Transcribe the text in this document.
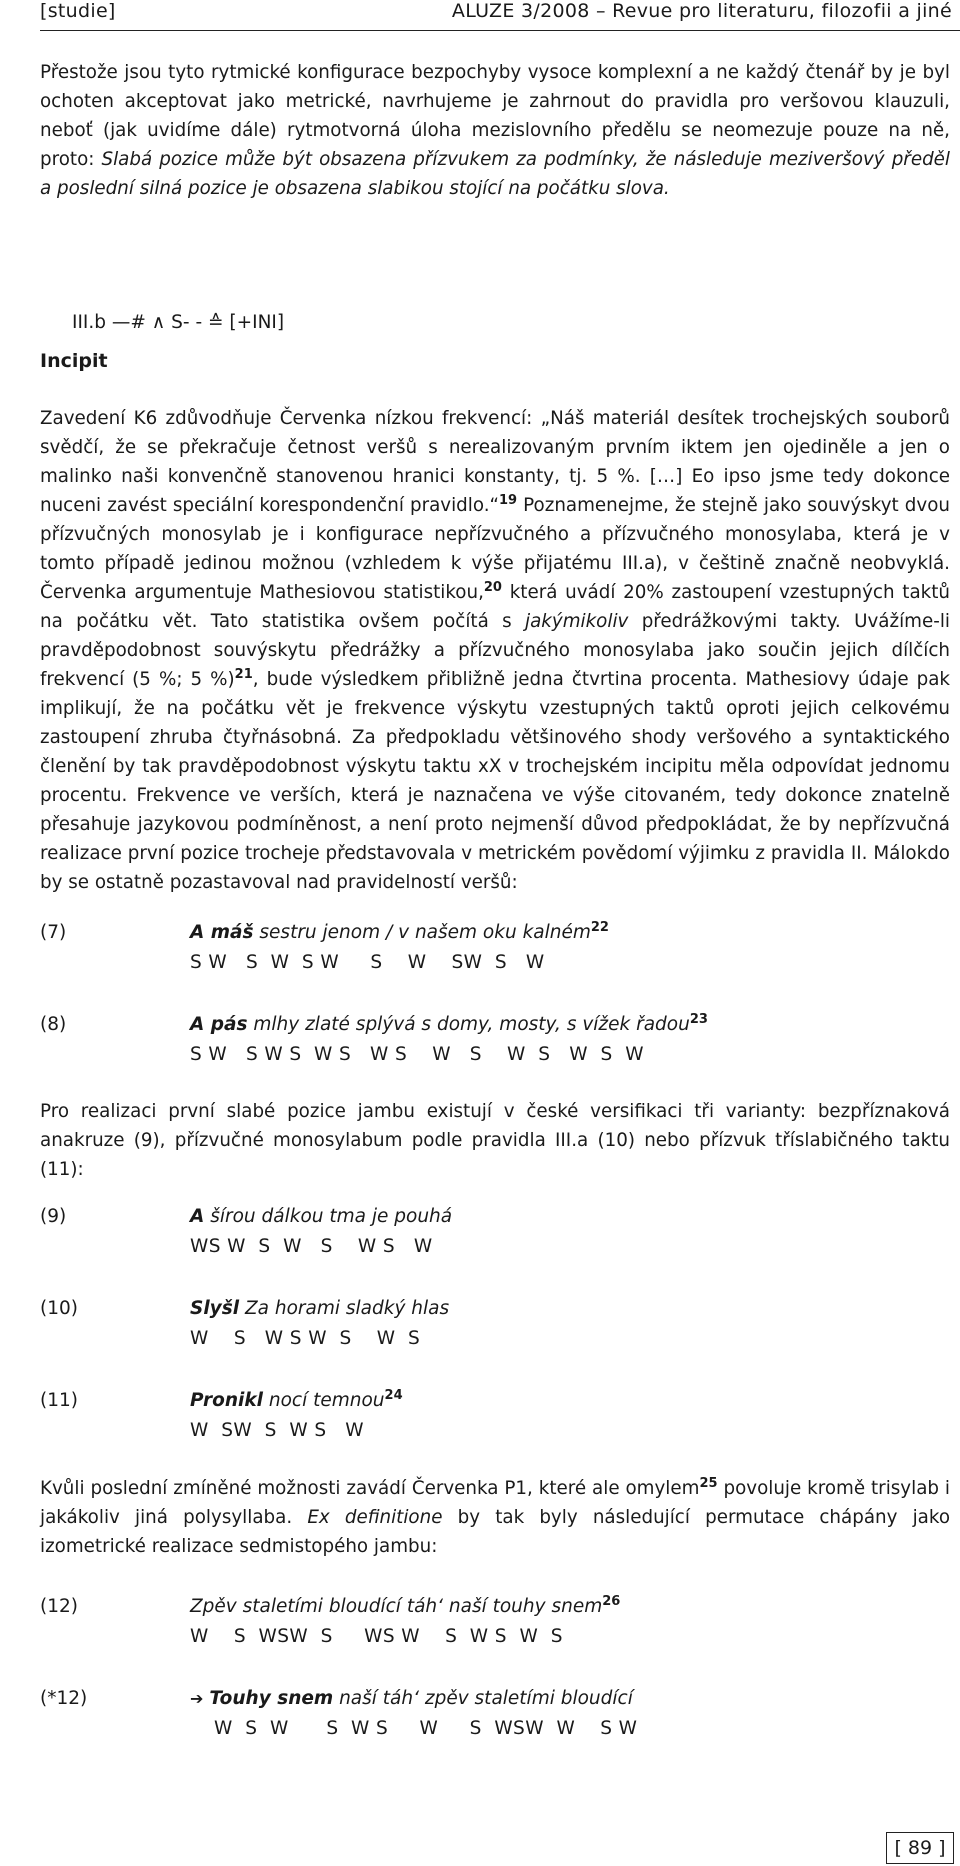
[studie]	ALUZE 3/2008 – Revue pro literaturu, filozofii a jiné
Přestože jsou tyto rytmické konfigurace bezpochyby vysoce komplexní a ne každý čtenář by je byl ochoten akceptovat jako metrické, navrhujeme je zahrnout do pravidla pro veršovou klauzuli, neboť (jak uvidíme dále) rytmotvorná úloha mezislovního předělu se neomezuje pouze na ně, proto: Slabá pozice může být obsazena přízvukem za podmínky, že následuje meziveršový předěl a poslední silná pozice je obsazena slabikou stojící na počátku slova.
III.b —# ∧ S- - ≙ [+INI]
Incipit
Zavedení K6 zdůvodňuje Červenka nízkou frekvencí: „Náš materiál desítek trochejských souborů svědčí, že se překračuje četnost veršů s nerealizovaným prvním iktem jen ojediněle a jen o malinko naši konvenčně stanovenou hranici konstanty, tj. 5 %. […] Eo ipso jsme tedy dokonce nuceni zavést speciální korespondenční pravidlo.“$^{19}$ Poznamenejme, že stejně jako souvýskyt dvou přízvučných monosylab je i konfigurace nepřízvučného a přízvučného monosylaba, která je v tomto případě jedinou možnou (vzhledem k výše přijatému III.a), v češtině značně neobvyklá. Červenka argumentuje Mathesiovou statistikou,$^{20}$ která uvádí 20% zastoupení vzestupných taktů na počátku vět. Tato statistika ovšem počítá s jakýmikoliv předrážkovými takty. Uvážíme-li pravděpodobnost souvýskytu předrážky a přízvučného monosylaba jako součin jejich dílčích frekvencí (5 %; 5 %)$^{21}$, bude výsledkem přibližně jedna čtvrtina procenta. Mathesiovy údaje pak implikují, že na počátku vět je frekvence výskytu vzestupných taktů oproti jejich celkovému zastoupení zhruba čtyřnásobná. Za předpokladu většinového shody veršového a syntaktického členění by tak pravděpodobnost výskytu taktu xX v trochejském incipitu měla odpovídat jednomu procentu. Frekvence ve verších, která je naznačena ve výše citovaném, tedy dokonce znatelně přesahuje jazykovou podmíněnost, a není proto nejmenší důvod předpokládat, že by nepřízvučná realizace první pozice trocheje představovala v metrickém povědomí výjimku z pravidla II. Málokdo by se ostatně pozastavoval nad pravidelností veršů:
(7)	A máš sestru jenom / v našem oku kalném$^{22}$
S W   S  W  S W     S    W    SW  S   W
(8)	A pás mlhy zlaté splývá s domy, mosty, s vížek řadou$^{23}$
S W   S W S  W S   W S    W   S    W  S   W  S  W
Pro realizaci první slabé pozice jambu existují v české versifikaci tři varianty: bezpříznaková anakruze (9), přízvučné monosylabum podle pravidla III.a (10) nebo přízvuk tříslabičného taktu (11):
(9)	A šírou dálkou tma je pouhá
WS W  S  W   S    W S   W
(10)	Slyšl Za horami sladký hlas
W    S   W S W  S    W  S
(11)	Pronikl nocí temnou$^{24}$
W  SW  S  W S   W
Kvůli poslední zmíněné možnosti zavádí Červenka P1, které ale omylem$^{25}$ povoluje kromě trisylab i jakákoliv jiná polysyllaba. Ex definitione by tak byly následující permutace chápány jako izometrické realizace sedmistopého jambu:
(12)	Zpěv staletími bloudící táh‘ naší touhy snem$^{26}$
W    S  WSW  S     WS W    S  W S  W  S
(*12)	➔ Touhy snem naší táh‘ zpěv staletími bloudící
W  S  W      S  W S     W     S  WSW  W    S W
[ 89 ]
